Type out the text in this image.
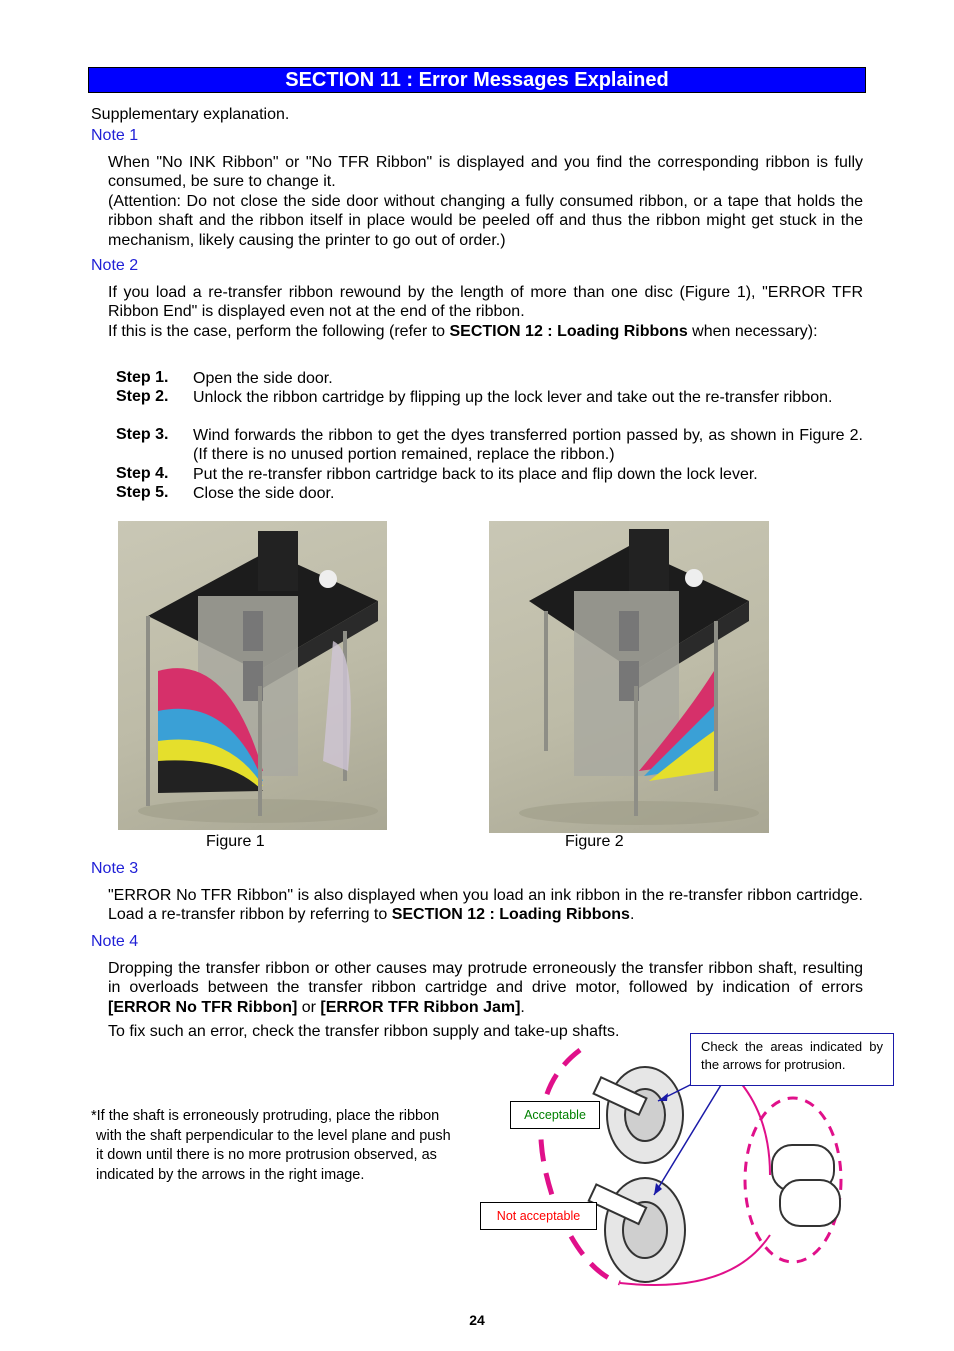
SECTION 11 : Error Messages Explained
Supplementary explanation.
Note 1
When "No INK Ribbon" or "No TFR Ribbon" is displayed and you find the corresponding ribbon is fully consumed, be sure to change it.
(Attention: Do not close the side door without changing a fully consumed ribbon, or a tape that holds the ribbon shaft and the ribbon itself in place would be peeled off and thus the ribbon might get stuck in the mechanism, likely causing the printer to go out of order.)
Note 2
If you load a re-transfer ribbon rewound by the length of more than one disc (Figure 1), "ERROR TFR Ribbon End" is displayed even not at the end of the ribbon.
If this is the case, perform the following (refer to SECTION 12 : Loading Ribbons when necessary):
Step 1. Open the side door.
Step 2. Unlock the ribbon cartridge by flipping up the lock lever and take out the re-transfer ribbon.
Step 3. Wind forwards the ribbon to get the dyes transferred portion passed by, as shown in Figure 2. (If there is no unused portion remained, replace the ribbon.)
Step 4. Put the re-transfer ribbon cartridge back to its place and flip down the lock lever.
Step 5. Close the side door.
Figure 1	Figure 2
Note 3
"ERROR No TFR Ribbon" is also displayed when you load an ink ribbon in the re-transfer ribbon cartridge. Load a re-transfer ribbon by referring to SECTION 12 : Loading Ribbons.
Note 4
Dropping the transfer ribbon or other causes may protrude erroneously the transfer ribbon shaft, resulting in overloads between the transfer ribbon cartridge and drive motor, followed by indication of errors [ERROR No TFR Ribbon] or [ERROR TFR Ribbon Jam].
To fix such an error, check the transfer ribbon supply and take-up shafts.
*If the shaft is erroneously protruding, place the ribbon
with the shaft perpendicular to the level plane and push
it down until there is no more protrusion observed, as
indicated by the arrows in the right image.
Check the areas indicated by the arrows for protrusion.
Acceptable
Not acceptable
24
